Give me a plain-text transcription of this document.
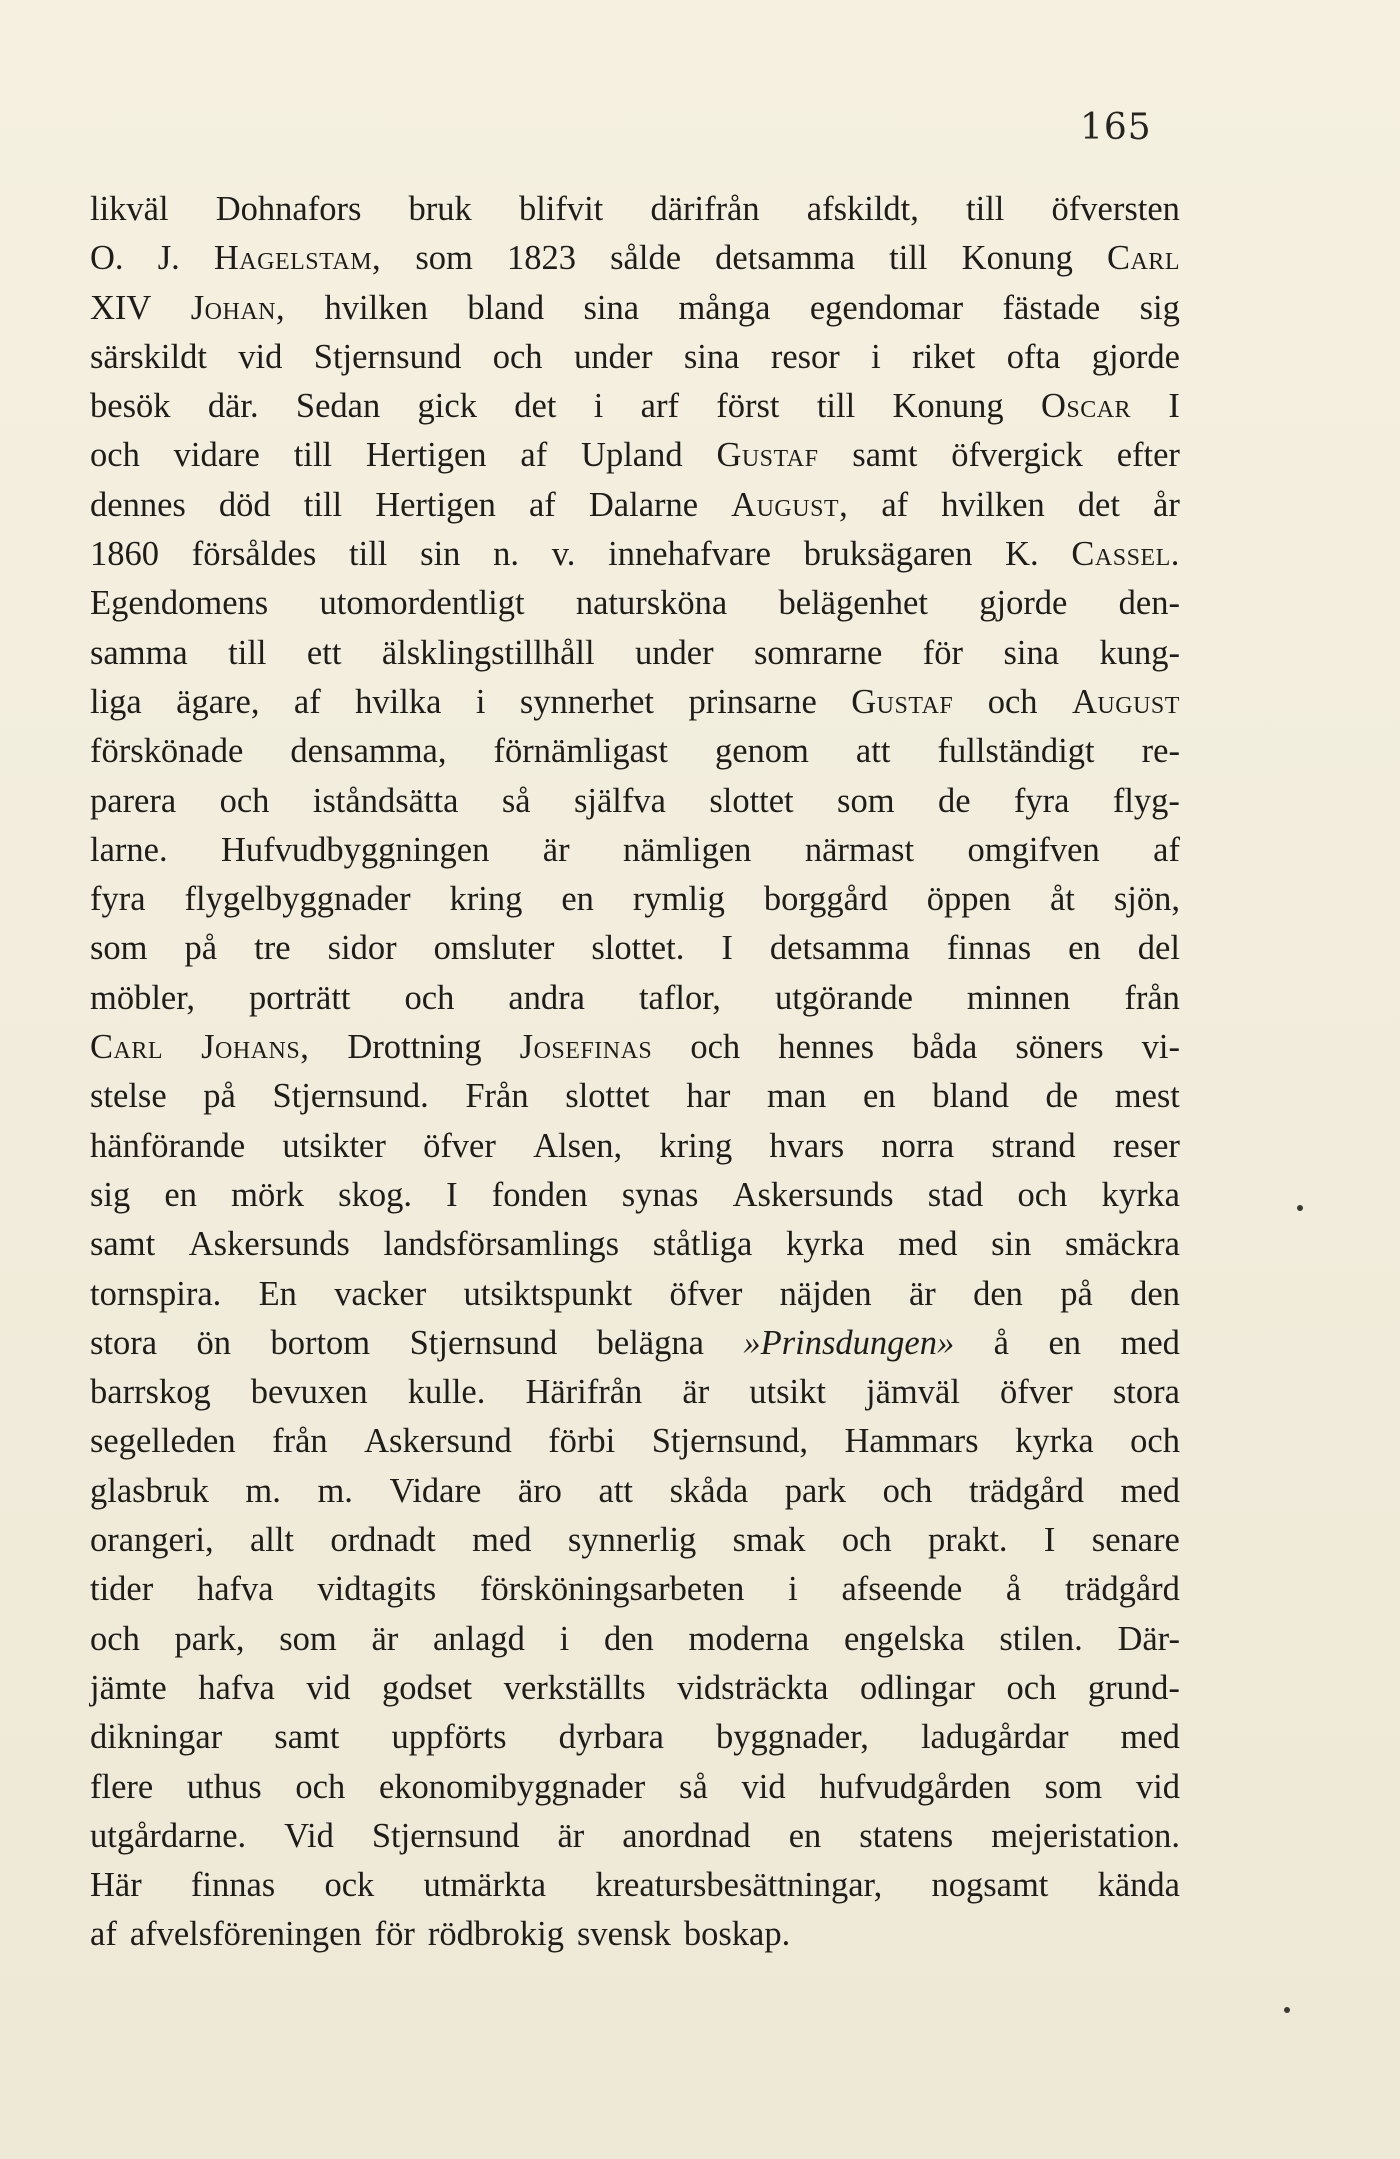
165
likväl Dohnafors bruk blifvit därifrån afskildt, till öfversten
O. J. Hagelstam, som 1823 sålde detsamma till Konung Carl
XIV Johan, hvilken bland sina många egendomar fästade sig
särskildt vid Stjernsund och under sina resor i riket ofta gjorde
besök där. Sedan gick det i arf först till Konung Oscar I
och vidare till Hertigen af Upland Gustaf samt öfvergick efter
dennes död till Hertigen af Dalarne August, af hvilken det år
1860 försåldes till sin n. v. innehafvare bruksägaren K. Cassel.
Egendomens utomordentligt natursköna belägenhet gjorde den-
samma till ett älsklingstillhåll under somrarne för sina kung-
liga ägare, af hvilka i synnerhet prinsarne Gustaf och August
förskönade densamma, förnämligast genom att fullständigt re-
parera och iståndsätta så själfva slottet som de fyra flyg-
larne. Hufvudbyggningen är nämligen närmast omgifven af
fyra flygelbyggnader kring en rymlig borggård öppen åt sjön,
som på tre sidor omsluter slottet. I detsamma finnas en del
möbler, porträtt och andra taflor, utgörande minnen från
Carl Johans, Drottning Josefinas och hennes båda söners vi-
stelse på Stjernsund. Från slottet har man en bland de mest
hänförande utsikter öfver Alsen, kring hvars norra strand reser
sig en mörk skog. I fonden synas Askersunds stad och kyrka
samt Askersunds landsförsamlings ståtliga kyrka med sin smäckra
tornspira. En vacker utsiktspunkt öfver näjden är den på den
stora ön bortom Stjernsund belägna »Prinsdungen» å en med
barrskog bevuxen kulle. Härifrån är utsikt jämväl öfver stora
segelleden från Askersund förbi Stjernsund, Hammars kyrka och
glasbruk m. m. Vidare äro att skåda park och trädgård med
orangeri, allt ordnadt med synnerlig smak och prakt. I senare
tider hafva vidtagits försköningsarbeten i afseende å trädgård
och park, som är anlagd i den moderna engelska stilen. Där-
jämte hafva vid godset verkställts vidsträckta odlingar och grund-
dikningar samt uppförts dyrbara byggnader, ladugårdar med
flere uthus och ekonomibyggnader så vid hufvudgården som vid
utgårdarne. Vid Stjernsund är anordnad en statens mejeristation.
Här finnas ock utmärkta kreatursbesättningar, nogsamt kända
af afvelsföreningen för rödbrokig svensk boskap.
